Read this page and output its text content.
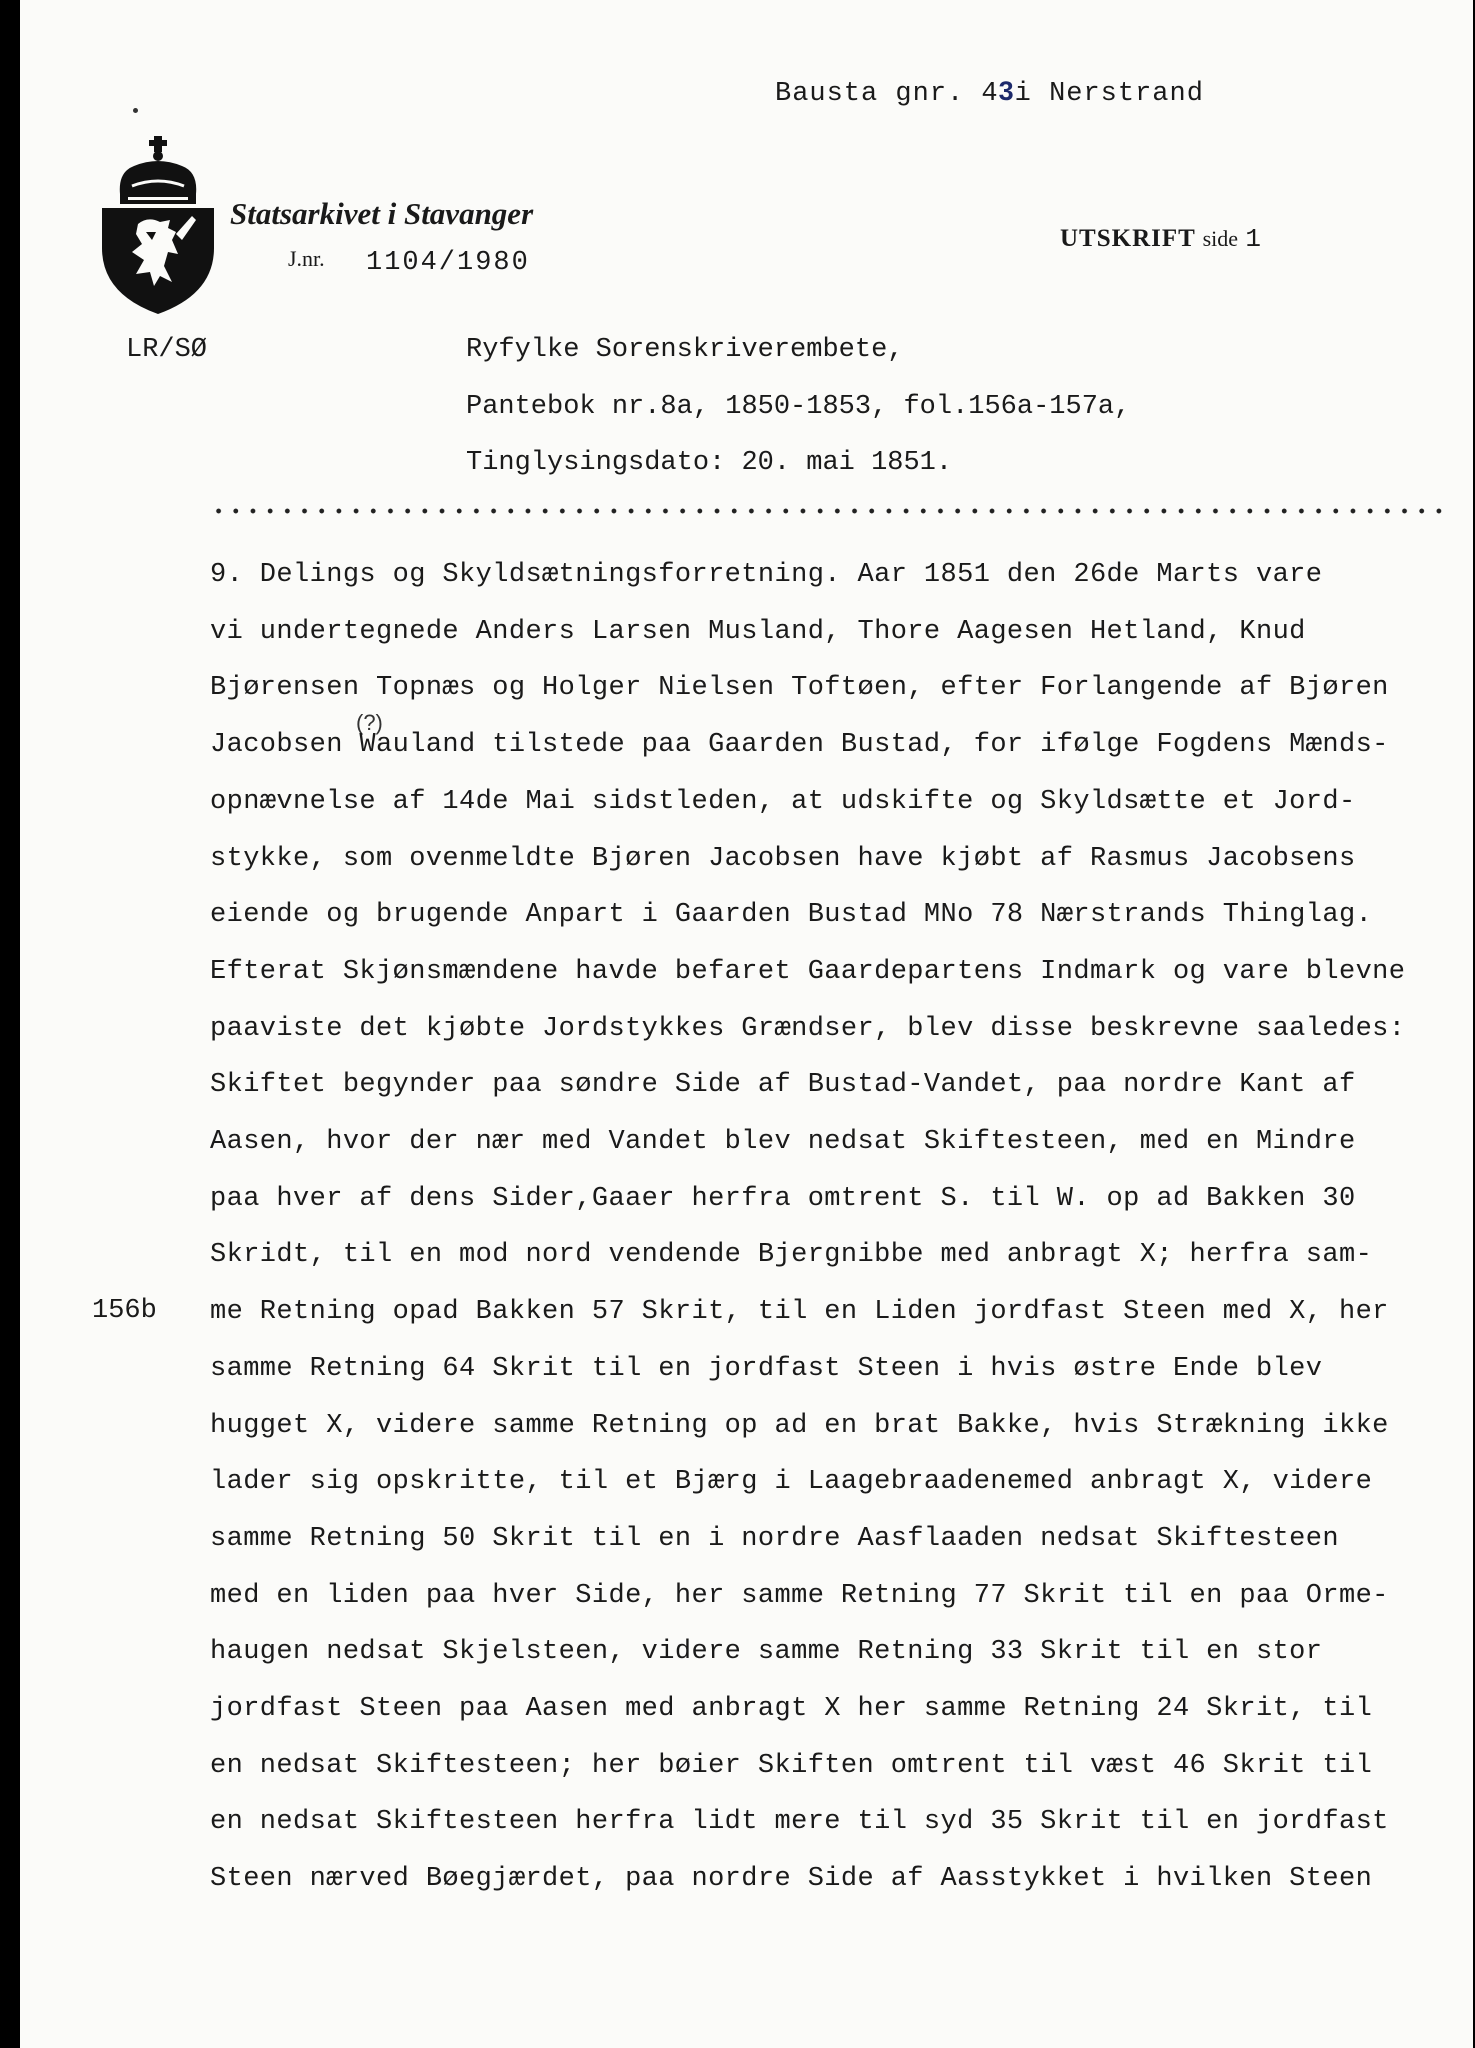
Bausta gnr. 43i Nerstrand
Statsarkivet i Stavanger
J.nr. 1104/1980
UTSKRIFT side 1
LR/SØ	Ryfylke Sorenskriverembete,
Pantebok nr.8a, 1850-1853, fol.156a-157a,
Tinglysingsdato: 20. mai 1851.
(?)
9. Delings og Skyldsætningsforretning. Aar 1851 den 26de Marts vare
vi undertegnede Anders Larsen Musland, Thore Aagesen Hetland, Knud
Bjørensen Topnæs og Holger Nielsen Toftøen, efter Forlangende af Bjøren
Jacobsen Wauland tilstede paa Gaarden Bustad, for ifølge Fogdens Mænds-
opnævnelse af 14de Mai sidstleden, at udskifte og Skyldsætte et Jord-
stykke, som ovenmeldte Bjøren Jacobsen have kjøbt af Rasmus Jacobsens
eiende og brugende Anpart i Gaarden Bustad MNo 78 Nærstrands Thinglag.
Efterat Skjønsmændene havde befaret Gaardepartens Indmark og vare blevne
paaviste det kjøbte Jordstykkes Grændser, blev disse beskrevne saaledes:
Skiftet begynder paa søndre Side af Bustad-Vandet, paa nordre Kant af
Aasen, hvor der nær med Vandet blev nedsat Skiftesteen, med en Mindre
paa hver af dens Sider,Gaaer herfra omtrent S. til W. op ad Bakken 30
Skridt, til en mod nord vendende Bjergnibbe med anbragt X; herfra sam-
me Retning opad Bakken 57 Skrit, til en Liden jordfast Steen med X, her
samme Retning 64 Skrit til en jordfast Steen i hvis østre Ende blev
hugget X, videre samme Retning op ad en brat Bakke, hvis Strækning ikke
lader sig opskritte, til et Bjærg i Laagebraadenemed anbragt X, videre
samme Retning 50 Skrit til en i nordre Aasflaaden nedsat Skiftesteen
med en liden paa hver Side, her samme Retning 77 Skrit til en paa Orme-
haugen nedsat Skjelsteen, videre samme Retning 33 Skrit til en stor
jordfast Steen paa Aasen med anbragt X her samme Retning 24 Skrit, til
en nedsat Skiftesteen; her bøier Skiften omtrent til væst 46 Skrit til
en nedsat Skiftesteen herfra lidt mere til syd 35 Skrit til en jordfast
Steen nærved Bøegjærdet, paa nordre Side af Aasstykket i hvilken Steen
156b
